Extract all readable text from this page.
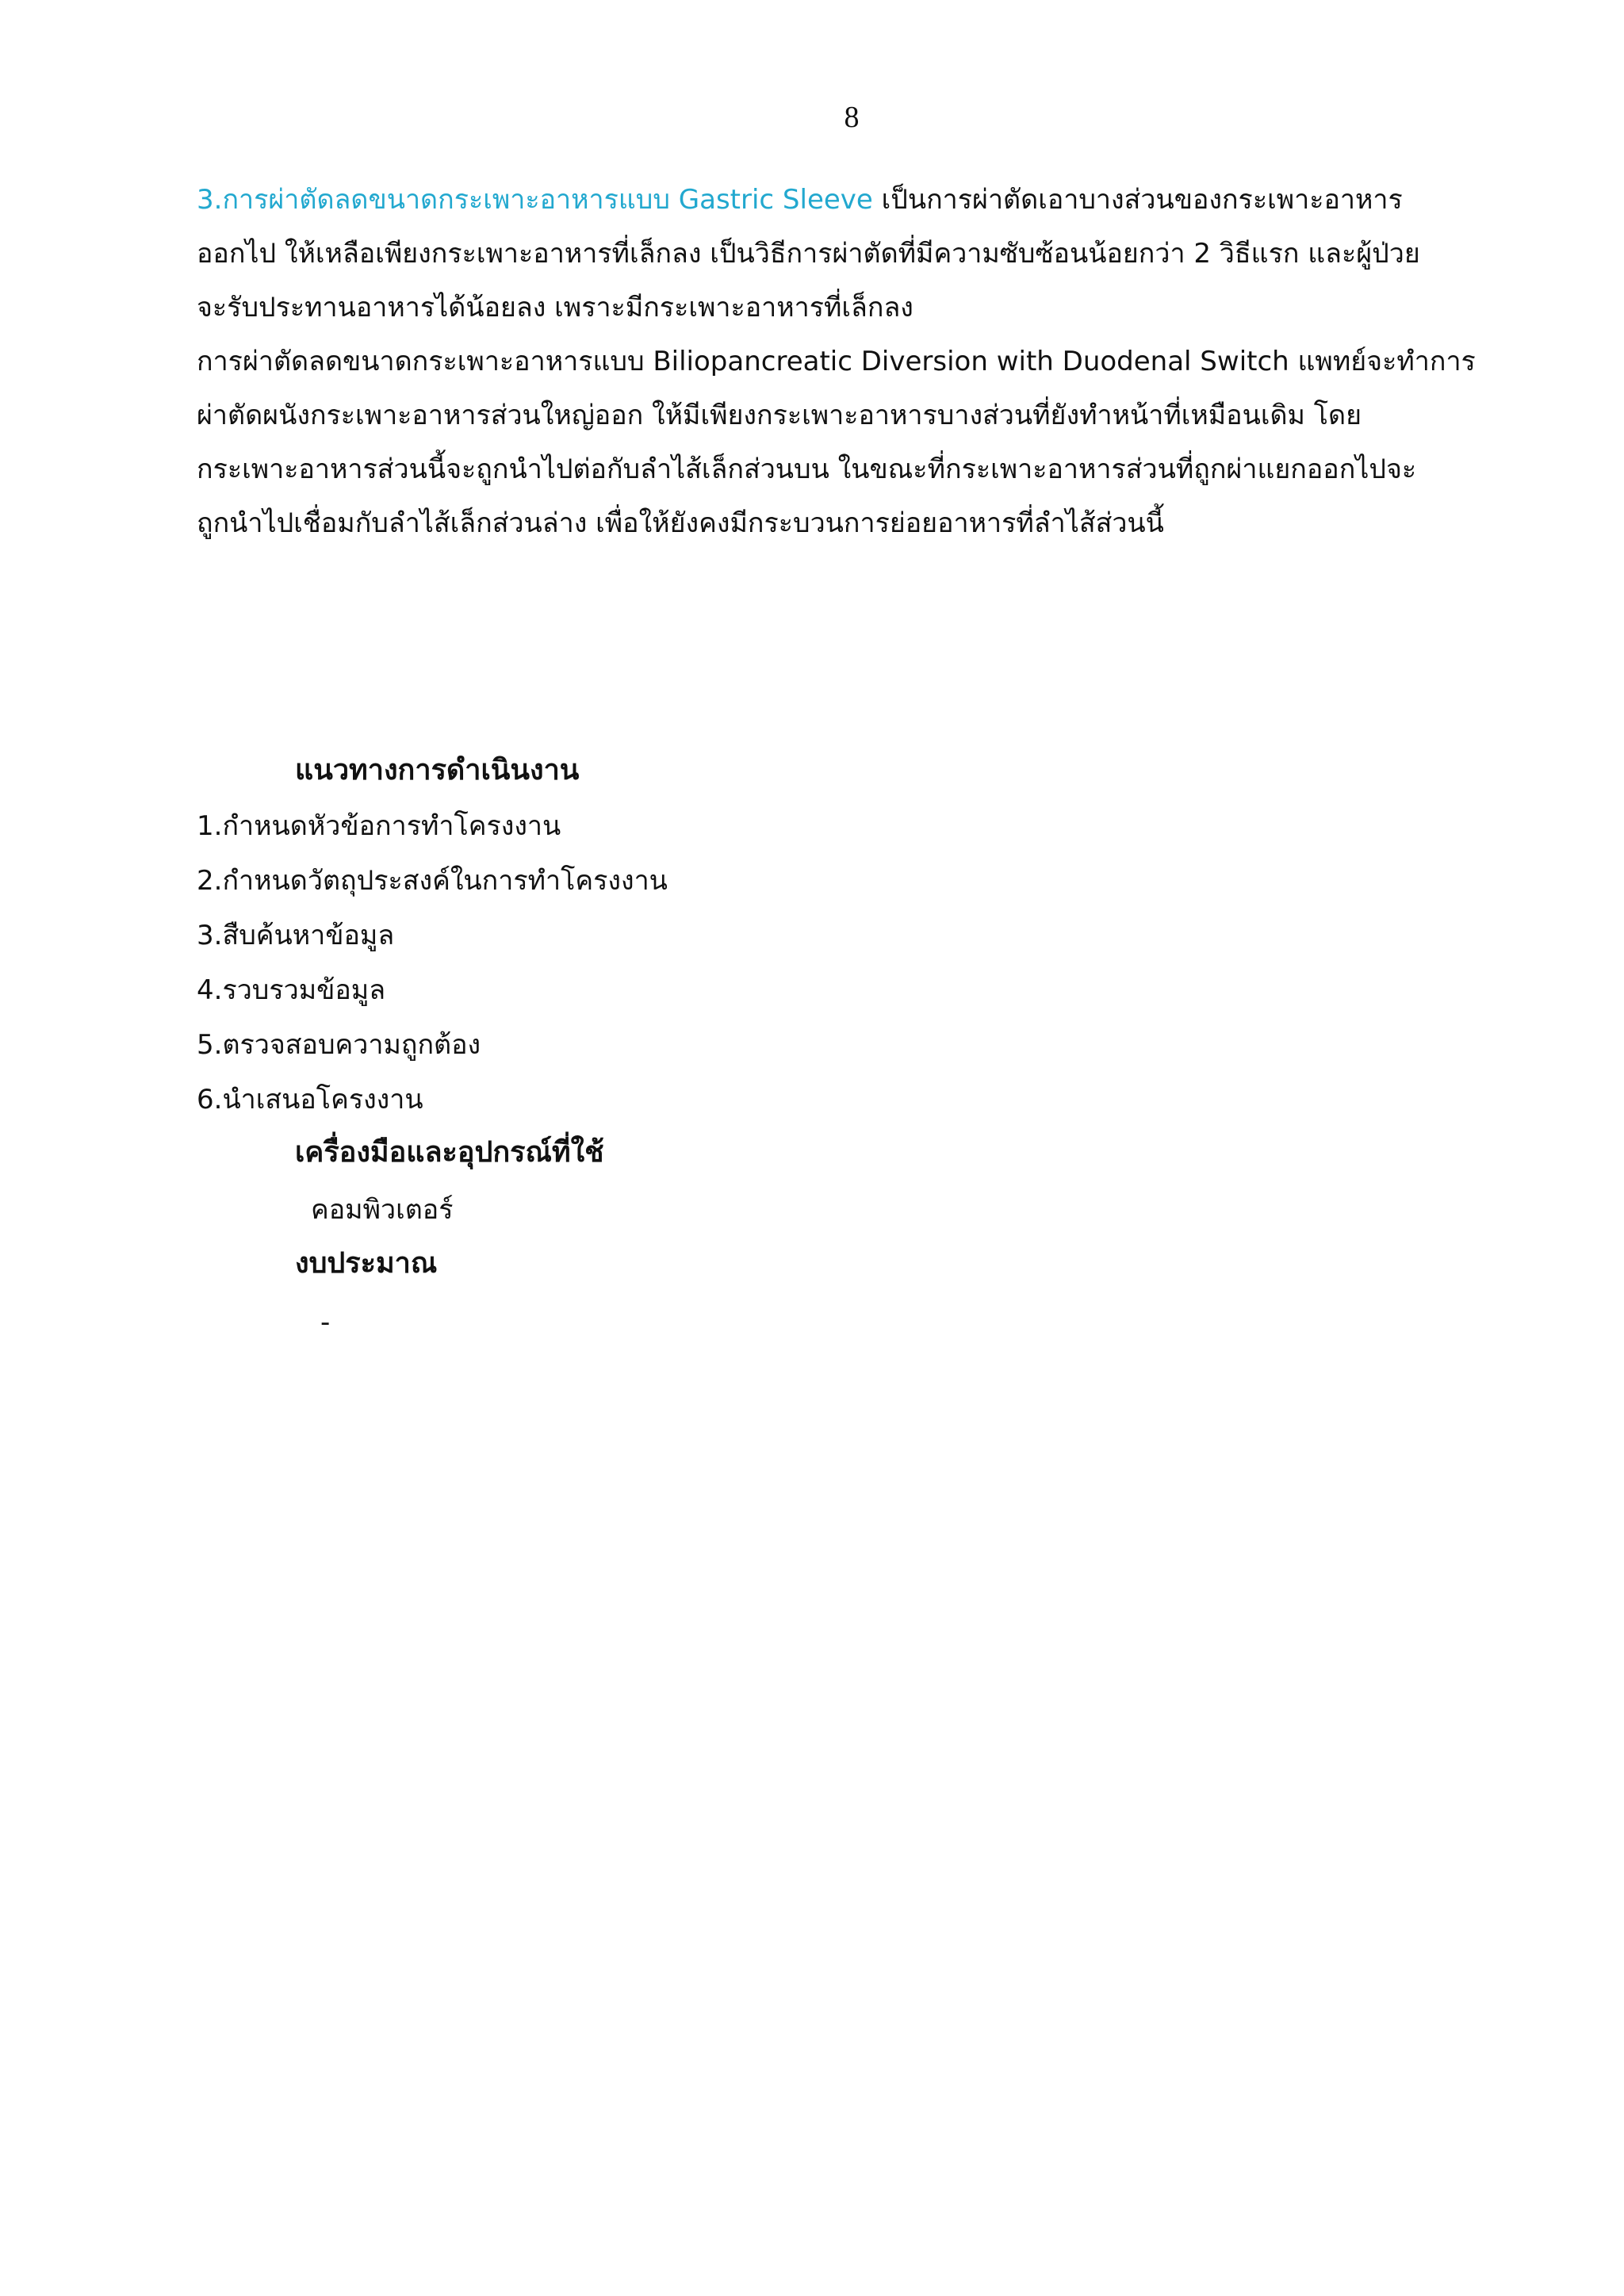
8
3.การผ่าตัดลดขนาดกระเพาะอาหารแบบ Gastric Sleeve เป็นการผ่าตัดเอาบางส่วนของกระเพาะอาหาร
ออกไป ให้เหลือเพียงกระเพาะอาหารที่เล็กลง เป็นวิธีการผ่าตัดที่มีความซับซ้อนน้อยกว่า 2 วิธีแรก และผู้ป่วย
จะรับประทานอาหารได้น้อยลง เพราะมีกระเพาะอาหารที่เล็กลง
การผ่าตัดลดขนาดกระเพาะอาหารแบบ Biliopancreatic Diversion with Duodenal Switch แพทย์จะทำการ
ผ่าตัดผนังกระเพาะอาหารส่วนใหญ่ออก ให้มีเพียงกระเพาะอาหารบางส่วนที่ยังทำหน้าที่เหมือนเดิม โดย
กระเพาะอาหารส่วนนี้จะถูกนำไปต่อกับลำไส้เล็กส่วนบน ในขณะที่กระเพาะอาหารส่วนที่ถูกผ่าแยกออกไปจะ
ถูกนำไปเชื่อมกับลำไส้เล็กส่วนล่าง เพื่อให้ยังคงมีกระบวนการย่อยอาหารที่ลำไส้ส่วนนี้
แนวทางการดำเนินงาน
1.กำหนดหัวข้อการทำโครงงาน
2.กำหนดวัตถุประสงค์ในการทำโครงงาน
3.สืบค้นหาข้อมูล
4.รวบรวมข้อมูล
5.ตรวจสอบความถูกต้อง
6.นำเสนอโครงงาน
เครื่องมือและอุปกรณ์ที่ใช้
คอมพิวเตอร์
งบประมาณ
-
